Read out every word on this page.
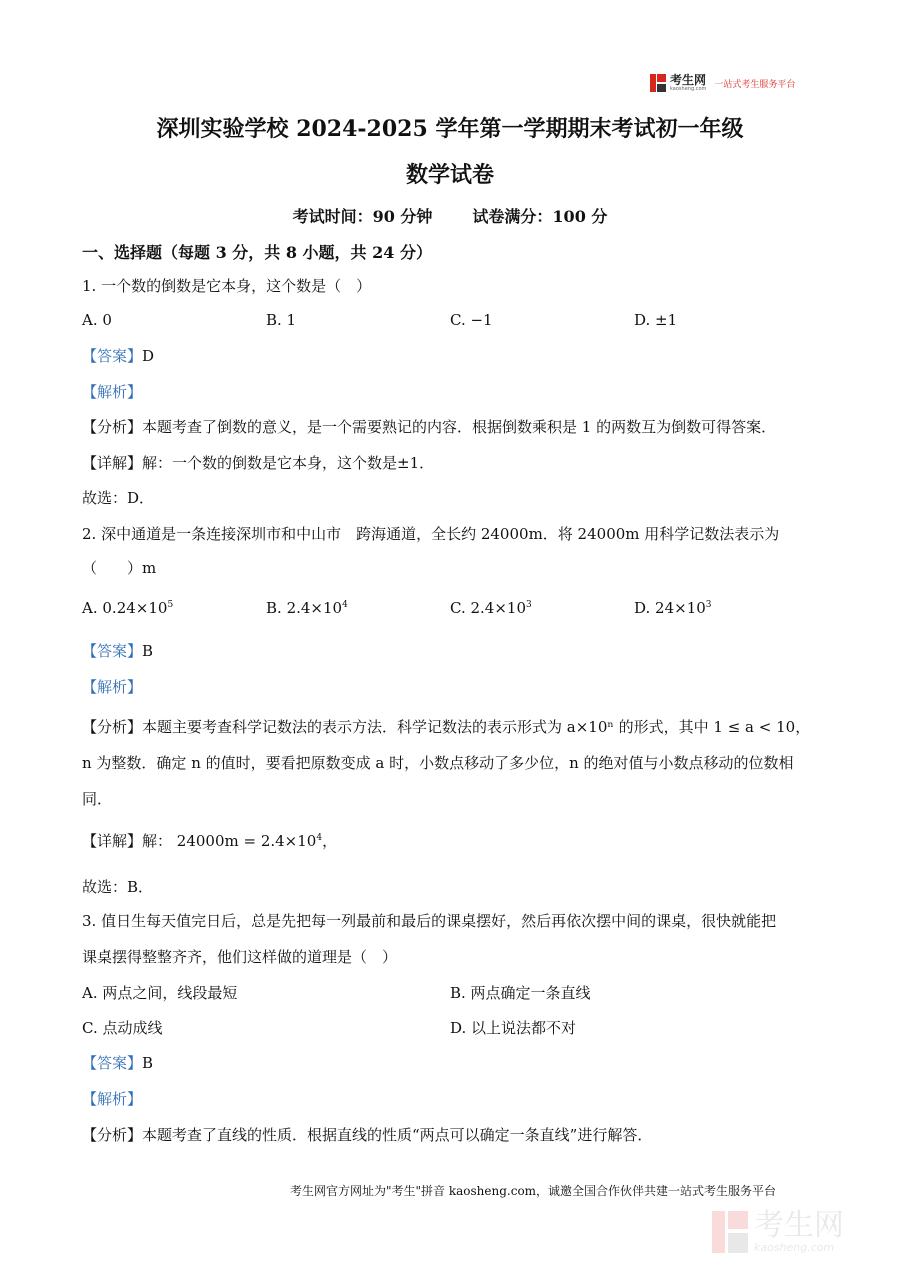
考生网
kaosheng.com 一站式考生服务平台
深圳实验学校 2024-2025 学年第一学期期末考试初一年级
数学试卷
考试时间：90 分钟	试卷满分：100 分
一、选择题（每题 3 分，共 8 小题，共 24 分）
1. 一个数的倒数是它本身，这个数是（　）
A. 0	B. 1	C. −1	D. ±1
【答案】D
【解析】
【分析】本题考查了倒数的意义，是一个需要熟记的内容．根据倒数乘积是 1 的两数互为倒数可得答案．
【详解】解：一个数的倒数是它本身，这个数是±1．
故选：D．
2. 深中通道是一条连接深圳市和中山市　跨海通道，全长约 24000m．将 24000m 用科学记数法表示为
（　　）m
A. $0.24\times 10^5$	B. $2.4\times 10^4$	C. $2.4\times 10^3$	D. $24\times 10^3$
【答案】B
【解析】
【分析】本题主要考查科学记数法的表示方法．科学记数法的表示形式为 a×10ⁿ 的形式，其中 1 ≤ a < 10，
n 为整数．确定 n 的值时，要看把原数变成 a 时，小数点移动了多少位，n 的绝对值与小数点移动的位数相
同．
【详解】解： $24000m = 2.4\times 10^4$，
故选：B．
3. 值日生每天值完日后，总是先把每一列最前和最后的课桌摆好，然后再依次摆中间的课桌，很快就能把
课桌摆得整整齐齐，他们这样做的道理是（　）
A. 两点之间，线段最短	B. 两点确定一条直线
C. 点动成线	D. 以上说法都不对
【答案】B
【解析】
【分析】本题考查了直线的性质．根据直线的性质“两点可以确定一条直线”进行解答．
考生网官方网址为"考生"拼音 kaosheng.com，诚邀全国合作伙伴共建一站式考生服务平台
考生网
kaosheng.com
